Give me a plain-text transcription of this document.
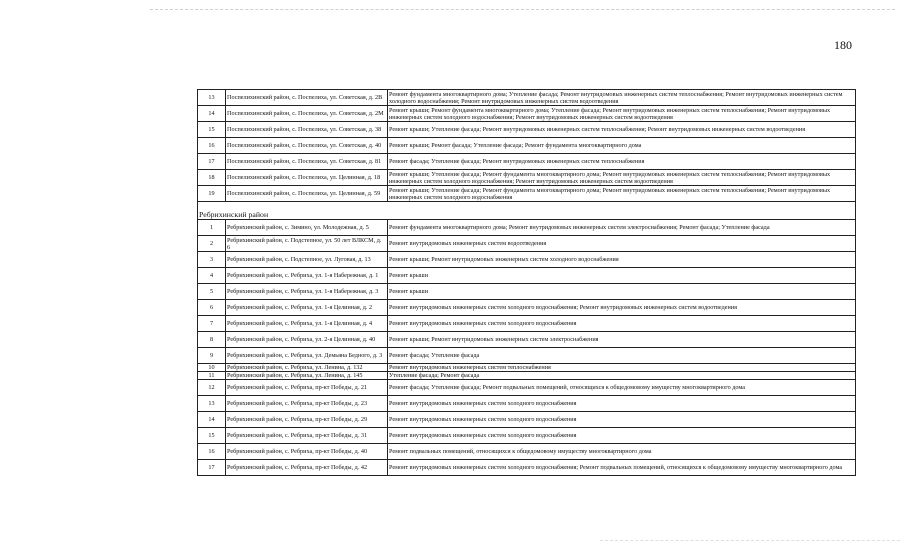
180
13	Поспелихинский район, с. Поспелиха, ул. Советская, д. 2В	Ремонт фундамента многоквартирного дома; Утепление фасада; Ремонт внутридомовых инженерных систем теплоснабжения; Ремонт внутридомовых инженерных систем холодного водоснабжения; Ремонт внутридомовых инженерных систем водоотведения
14	Поспелихинский район, с. Поспелиха, ул. Советская, д. 2М	Ремонт крыши; Ремонт фундамента многоквартирного дома; Утепление фасада; Ремонт внутридомовых инженерных систем теплоснабжения; Ремонт внутридомовых инженерных систем холодного водоснабжения; Ремонт внутридомовых инженерных систем водоотведения
15	Поспелихинский район, с. Поспелиха, ул. Советская, д. 38	Ремонт крыши; Утепление фасада; Ремонт внутридомовых инженерных систем теплоснабжения; Ремонт внутридомовых инженерных систем водоотведения
16	Поспелихинский район, с. Поспелиха, ул. Советская, д. 40	Ремонт крыши; Ремонт фасада; Утепление фасада; Ремонт фундамента многоквартирного дома
17	Поспелихинский район, с. Поспелиха, ул. Советская, д. 81	Ремонт фасада; Утепление фасада; Ремонт внутридомовых инженерных систем теплоснабжения
18	Поспелихинский район, с. Поспелиха, ул. Целинная, д. 18	Ремонт крыши; Утепление фасада; Ремонт фундамента многоквартирного дома; Ремонт внутридомовых инженерных систем теплоснабжения; Ремонт внутридомовых инженерных систем холодного водоснабжения; Ремонт внутридомовых инженерных систем водоотведения
19	Поспелихинский район, с. Поспелиха, ул. Целинная, д. 59	Ремонт крыши; Утепление фасада; Ремонт фундамента многоквартирного дома; Ремонт внутридомовых инженерных систем теплоснабжения; Ремонт внутридомовых инженерных систем холодного водоснабжения
Ребрихинский район		
1	Ребрихинский район, с. Зимино, ул. Молодежная, д. 5	Ремонт фундамента многоквартирного дома; Ремонт внутридомовых инженерных систем электроснабжения; Ремонт фасада; Утепление фасада
2	Ребрихинский район, с. Подстепное, ул. 50 лет ВЛКСМ, д. 6	Ремонт внутридомовых инженерных систем водоотведения
3	Ребрихинский район, с. Подстепное, ул. Луговая, д. 13	Ремонт крыши; Ремонт внутридомовых инженерных систем холодного водоснабжения
4	Ребрихинский район, с. Ребриха, ул. 1-я Набережная, д. 1	Ремонт крыши
5	Ребрихинский район, с. Ребриха, ул. 1-я Набережная, д. 3	Ремонт крыши
6	Ребрихинский район, с. Ребриха, ул. 1-я Целинная, д. 2	Ремонт внутридомовых инженерных систем холодного водоснабжения; Ремонт внутридомовых инженерных систем водоотведения
7	Ребрихинский район, с. Ребриха, ул. 1-я Целинная, д. 4	Ремонт внутридомовых инженерных систем холодного водоснабжения
8	Ребрихинский район, с. Ребриха, ул. 2-я Целинная, д. 40	Ремонт крыши; Ремонт внутридомовых инженерных систем электроснабжения
9	Ребрихинский район, с. Ребриха, ул. Демьяна Бедного, д. 3	Ремонт фасада; Утепление фасада
10	Ребрихинский район, с. Ребриха, ул. Ленина, д. 132	Ремонт внутридомовых инженерных систем теплоснабжения
11	Ребрихинский район, с. Ребриха, ул. Ленина, д. 145	Утепление фасада; Ремонт фасада
12	Ребрихинский район, с. Ребриха, пр-кт Победы, д. 21	Ремонт фасада; Утепление фасада; Ремонт подвальных помещений, относящихся к общедомовому имуществу многоквартирного дома
13	Ребрихинский район, с. Ребриха, пр-кт Победы, д. 23	Ремонт внутридомовых инженерных систем холодного водоснабжения
14	Ребрихинский район, с. Ребриха, пр-кт Победы, д. 29	Ремонт внутридомовых инженерных систем холодного водоснабжения
15	Ребрихинский район, с. Ребриха, пр-кт Победы, д. 31	Ремонт внутридомовых инженерных систем холодного водоснабжения
16	Ребрихинский район, с. Ребриха, пр-кт Победы, д. 40	Ремонт подвальных помещений, относящихся к общедомовому имуществу многоквартирного дома
17	Ребрихинский район, с. Ребриха, пр-кт Победы, д. 42	Ремонт внутридомовых инженерных систем холодного водоснабжения; Ремонт подвальных помещений, относящихся к общедомовому имуществу многоквартирного дома
